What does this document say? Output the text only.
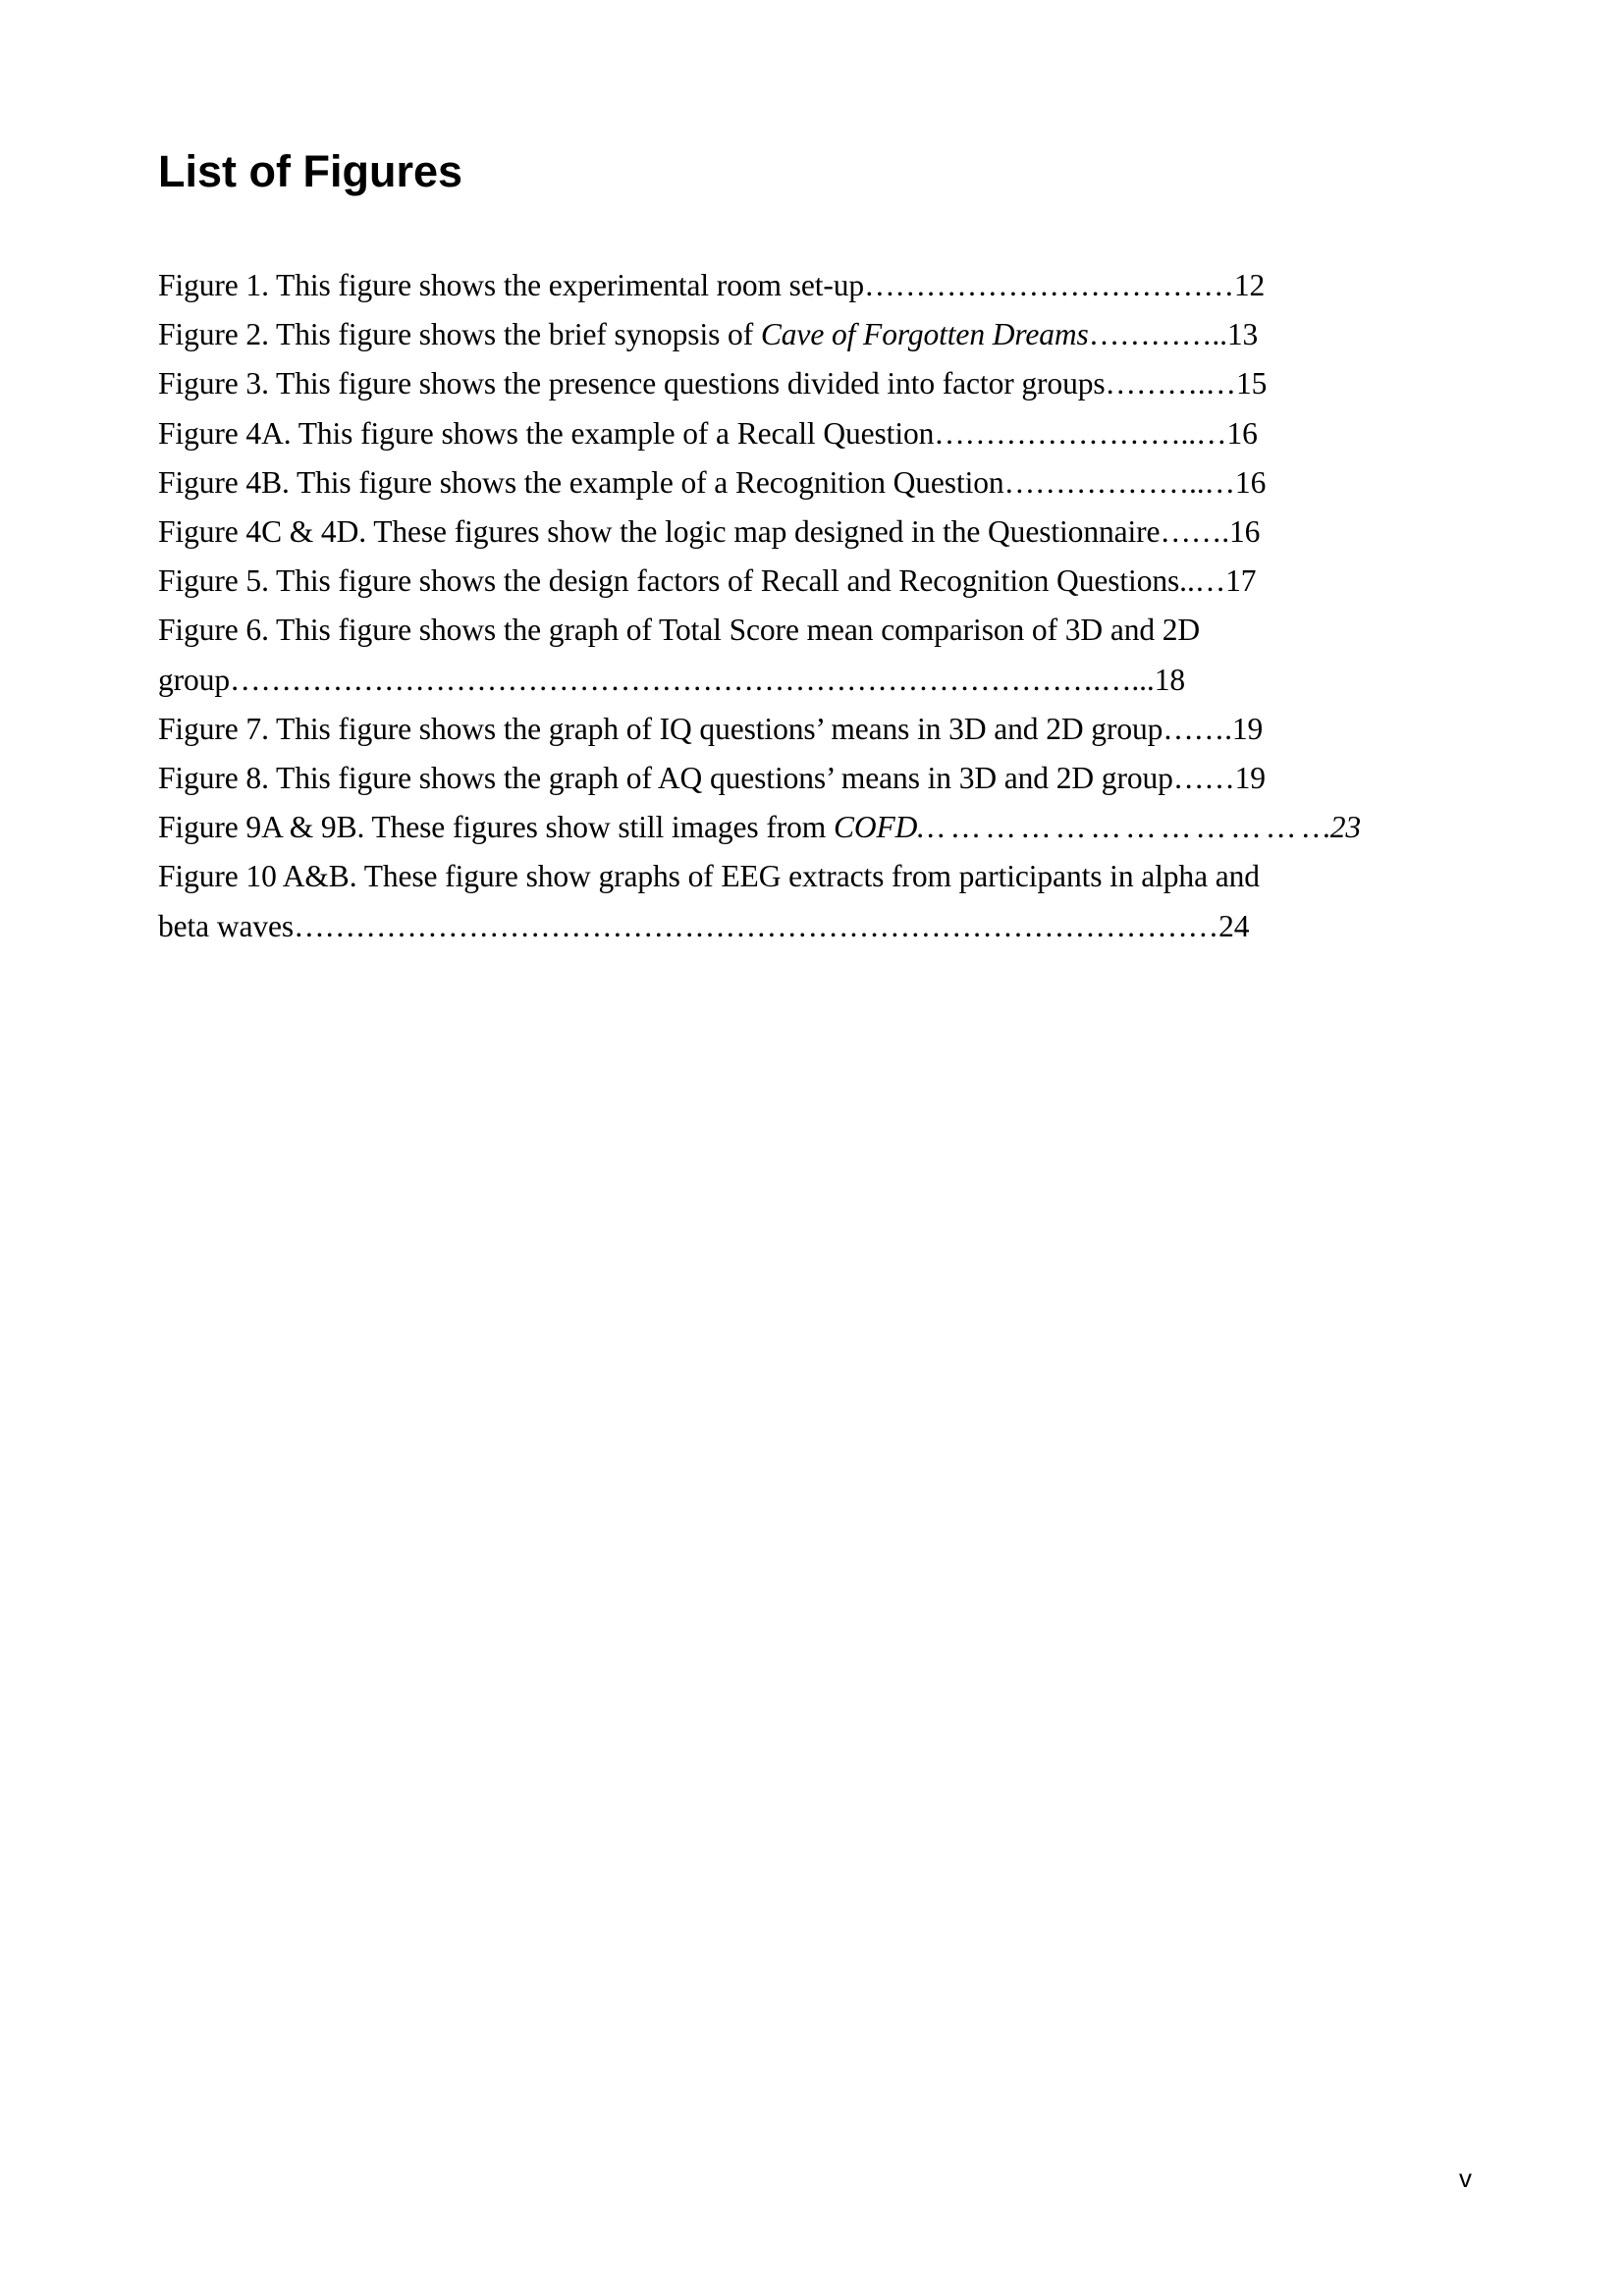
List of Figures
Figure 1. This figure shows the experimental room set-up………………………………12
Figure 2. This figure shows the brief synopsis of Cave of Forgotten Dreams…………..13
Figure 3. This figure shows the presence questions divided into factor groups……….…15
Figure 4A. This figure shows the example of a Recall Question……………………..…16
Figure 4B. This figure shows the example of a Recognition Question………………..…16
Figure 4C & 4D. These figures show the logic map designed in the Questionnaire…….16
Figure 5. This figure shows the design factors of Recall and Recognition Questions..…17
Figure 6. This figure shows the graph of Total Score mean comparison of 3D and 2D
group………………………………………………………………………….…...18
Figure 7. This figure shows the graph of IQ questions’ means in 3D and 2D group…….19
Figure 8. This figure shows the graph of AQ questions’ means in 3D and 2D group……19
Figure 9A & 9B. These figures show still images from COFD… … … … … … … … … … … …23
Figure 10 A&B. These figure show graphs of EEG extracts from participants in alpha and
beta waves………………………………………………………………………………24
v
